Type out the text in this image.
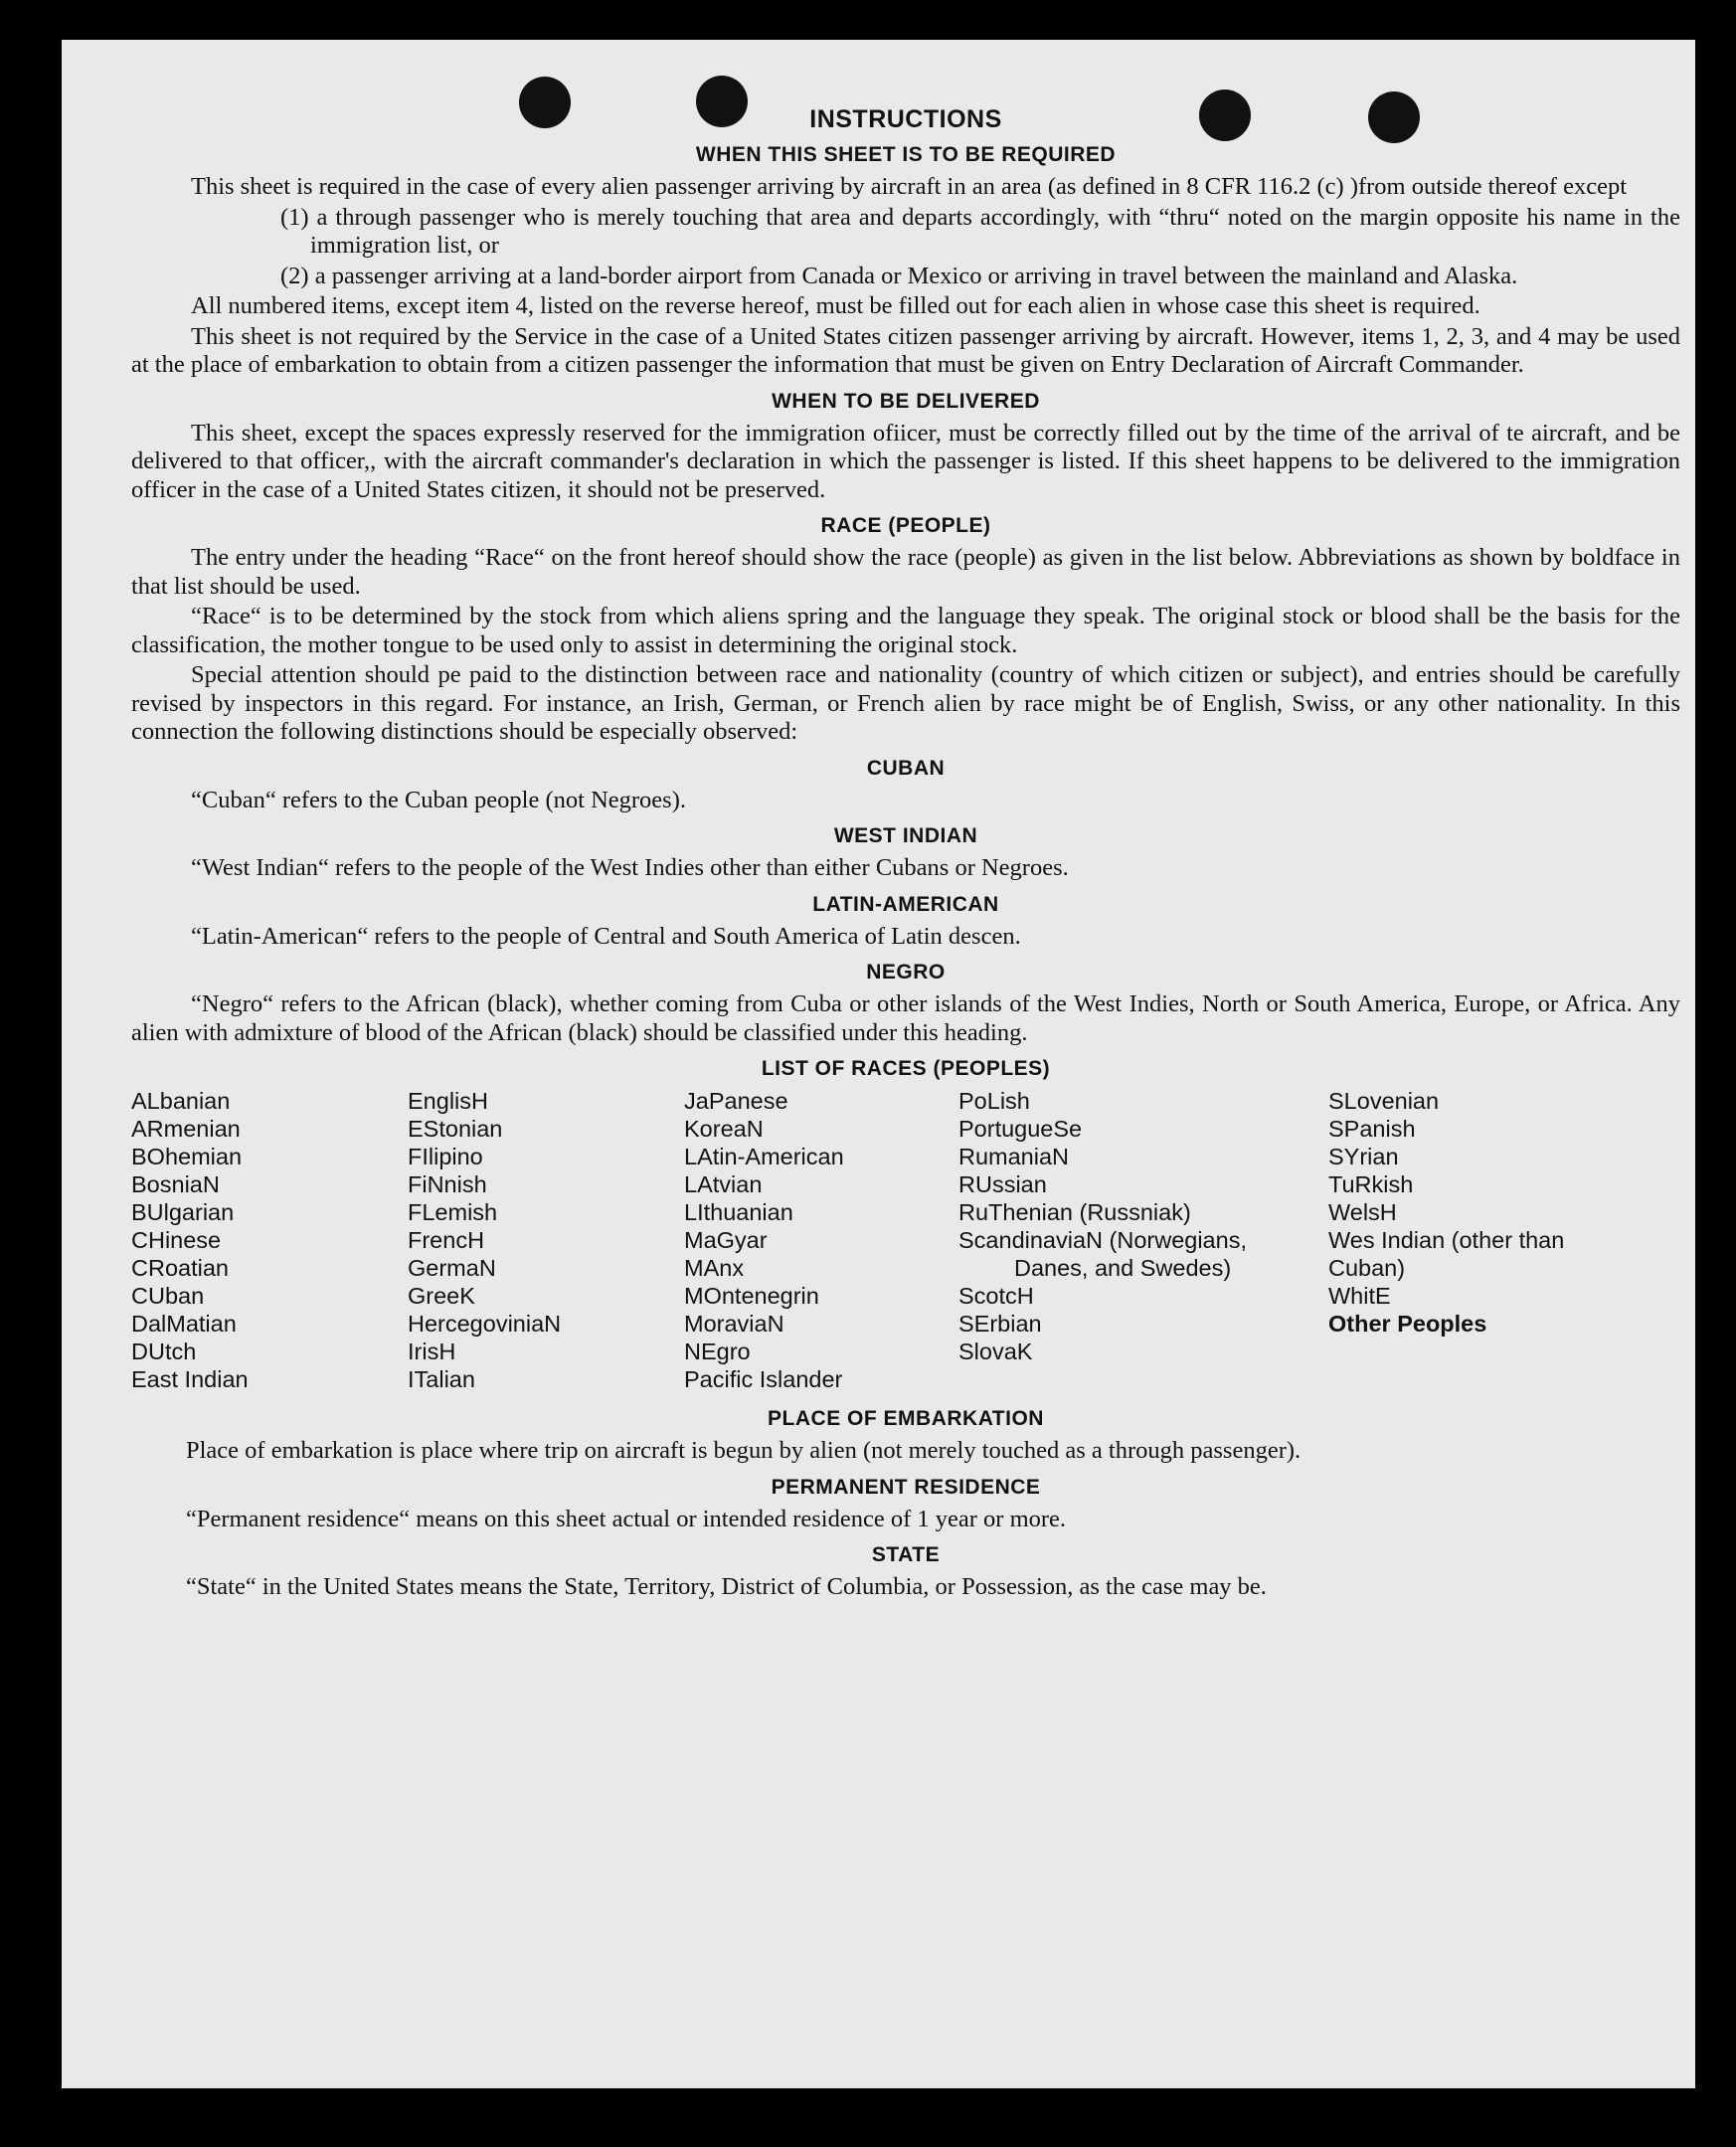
INSTRUCTIONS
WHEN THIS SHEET IS TO BE REQUIRED
This sheet is required in the case of every alien passenger arriving by aircraft in an area (as defined in 8 CFR 116.2 (c) )from outside thereof except
(1) a through passenger who is merely touching that area and departs accordingly, with “thru“ noted on the margin opposite his name in the immigration list, or
(2) a passenger arriving at a land-border airport from Canada or Mexico or arriving in travel between the mainland and Alaska.
All numbered items, except item 4, listed on the reverse hereof, must be filled out for each alien in whose case this sheet is required.
This sheet is not required by the Service in the case of a United States citizen passenger arriving by aircraft. However, items 1, 2, 3, and 4 may be used at the place of embarkation to obtain from a citizen passenger the information that must be given on Entry Declaration of Aircraft Commander.
WHEN TO BE DELIVERED
This sheet, except the spaces expressly reserved for the immigration ofiicer, must be correctly filled out by the time of the arrival of te aircraft, and be delivered to that officer,, with the aircraft commander's declaration in which the passenger is listed. If this sheet happens to be delivered to the immigration officer in the case of a United States citizen, it should not be preserved.
RACE (PEOPLE)
The entry under the heading “Race“ on the front hereof should show the race (people) as given in the list below. Abbreviations as shown by boldface in that list should be used.
“Race“ is to be determined by the stock from which aliens spring and the language they speak. The original stock or blood shall be the basis for the classification, the mother tongue to be used only to assist in determining the original stock.
Special attention should pe paid to the distinction between race and nationality (country of which citizen or subject), and entries should be carefully revised by inspectors in this regard. For instance, an Irish, German, or French alien by race might be of English, Swiss, or any other nationality. In this connection the following distinctions should be especially observed:
CUBAN
“Cuban“ refers to the Cuban people (not Negroes).
WEST INDIAN
“West Indian“ refers to the people of the West Indies other than either Cubans or Negroes.
LATIN-AMERICAN
“Latin-American“ refers to the people of Central and South America of Latin descen.
NEGRO
“Negro“ refers to the African (black), whether coming from Cuba or other islands of the West Indies, North or South America, Europe, or Africa. Any alien with admixture of blood of the African (black) should be classified under this heading.
LIST OF RACES (PEOPLES)
ALbanian
ARmenian
BOhemian
BosniaN
BUlgarian
CHinese
CRoatian
CUban
DalMatian
DUtch
East Indian
EnglisH
EStonian
FIlipino
FiNnish
FLemish
FrencH
GermaN
GreeK
HercegoviniaN
IrisH
ITalian
JaPanese
KoreaN
LAtin-American
LAtvian
LIthuanian
MaGyar
MAnx
MOntenegrin
MoraviaN
NEgro
Pacific Islander
PoLish
PortugueSe
RumaniaN
RUssian
RuThenian (Russniak)
ScandinaviaN (Norwegians, Danes, and Swedes)
ScotcH
SErbian
SlovaK
SLovenian
SPanish
SYrian
TuRkish
WelsH
Wes Indian (other than Cuban)
WhitE
Other Peoples
PLACE OF EMBARKATION
Place of embarkation is place where trip on aircraft is begun by alien (not merely touched as a through passenger).
PERMANENT RESIDENCE
“Permanent residence“ means on this sheet actual or intended residence of 1 year or more.
STATE
“State“ in the United States means the State, Territory, District of Columbia, or Possession, as the case may be.
